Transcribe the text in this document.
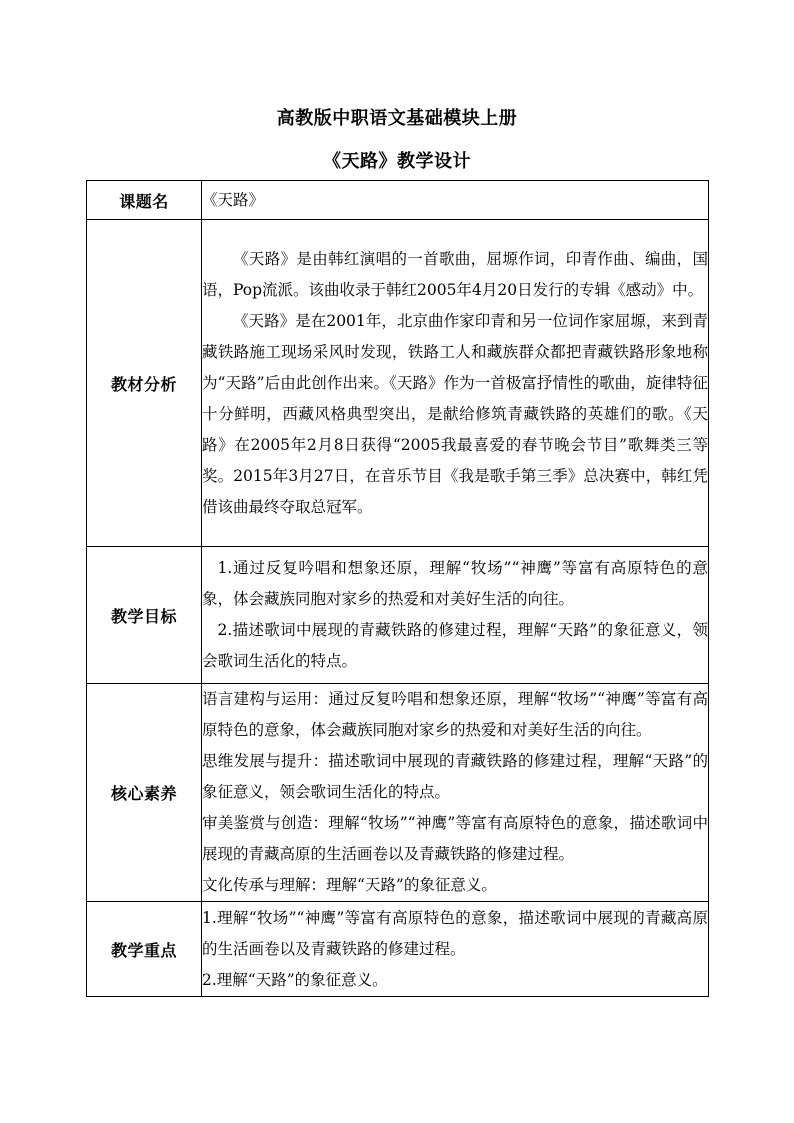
高教版中职语文基础模块上册
《天路》教学设计
课题名	《天路》
教材分析	《天路》是由韩红演唱的一首歌曲，屈塬作词，印青作曲、编曲，国语，Pop流派。该曲收录于韩红2005年4月20日发行的专辑《感动》中。

《天路》是在2001年，北京曲作家印青和另一位词作家屈塬，来到青藏铁路施工现场采风时发现，铁路工人和藏族群众都把青藏铁路形象地称为“天路”后由此创作出来。《天路》作为一首极富抒情性的歌曲，旋律特征十分鲜明，西藏风格典型突出，是献给修筑青藏铁路的英雄们的歌。《天路》在2005年2月8日获得“2005我最喜爱的春节晚会节目”歌舞类三等奖。2015年3月27日，在音乐节目《我是歌手第三季》总决赛中，韩红凭借该曲最终夺取总冠军。

教学目标	1.通过反复吟唱和想象还原，理解“牧场”“神鹰”等富有高原特色的意象，体会藏族同胞对家乡的热爱和对美好生活的向往。

2.描述歌词中展现的青藏铁路的修建过程，理解“天路”的象征意义，领会歌词生活化的特点。

核心素养	语言建构与运用：通过反复吟唱和想象还原，理解“牧场”“神鹰”等富有高原特色的意象，体会藏族同胞对家乡的热爱和对美好生活的向往。

思维发展与提升：描述歌词中展现的青藏铁路的修建过程，理解“天路”的象征意义，领会歌词生活化的特点。

审美鉴赏与创造：理解“牧场”“神鹰”等富有高原特色的意象，描述歌词中展现的青藏高原的生活画卷以及青藏铁路的修建过程。

文化传承与理解：理解“天路”的象征意义。

教学重点	1.理解“牧场”“神鹰”等富有高原特色的意象，描述歌词中展现的青藏高原的生活画卷以及青藏铁路的修建过程。

2.理解“天路”的象征意义。
